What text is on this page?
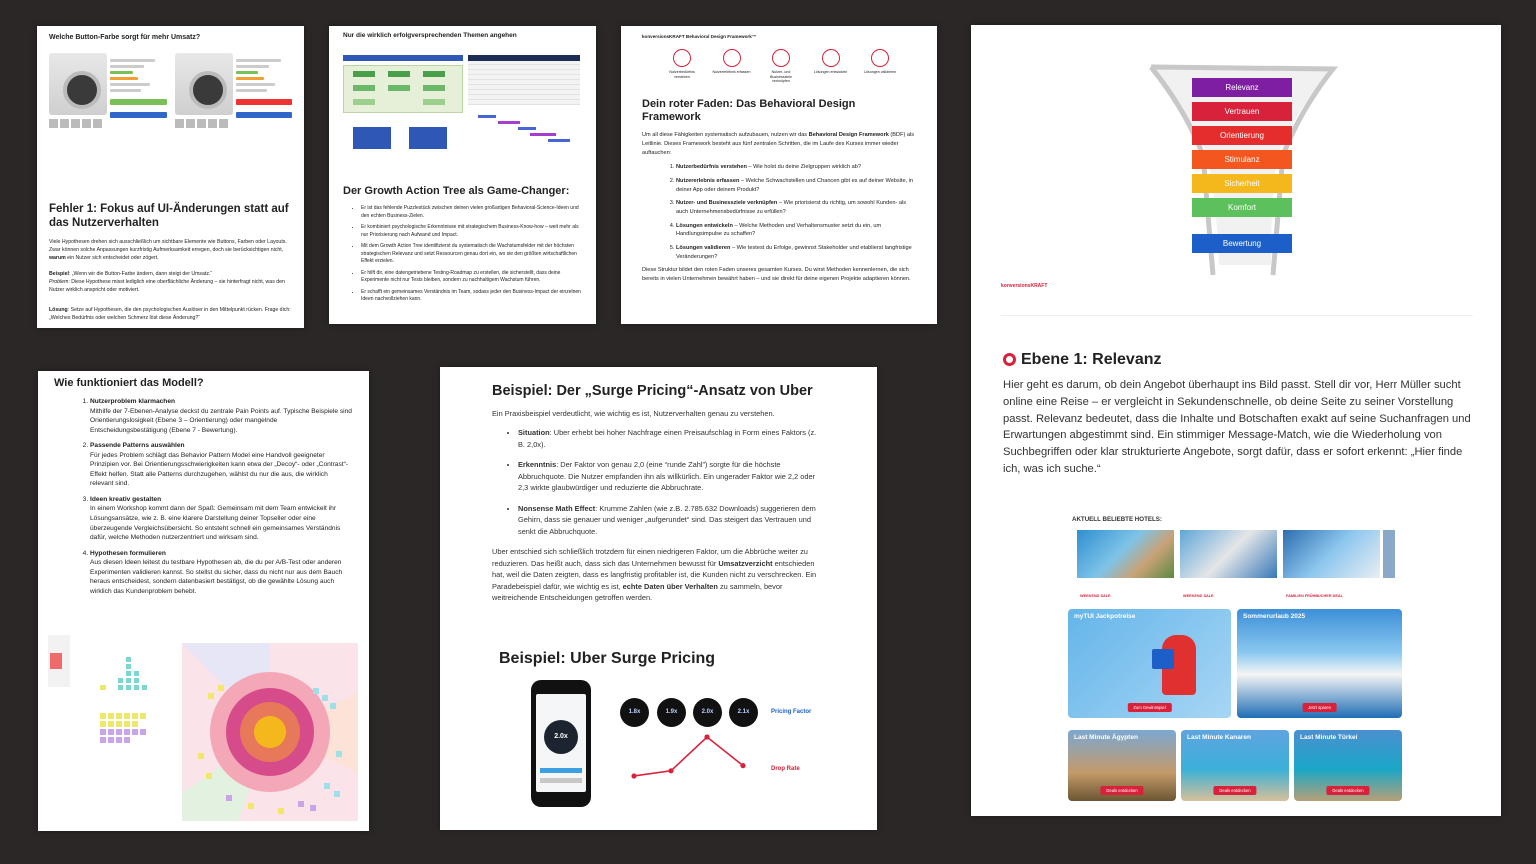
Welche Button-Farbe sorgt für mehr Umsatz?
Fehler 1: Fokus auf UI-Änderungen statt auf das Nutzerverhalten

Viele Hypothesen drehen sich ausschließlich um sichtbare Elemente wie Buttons, Farben oder Layouts. Zwar können solche Anpassungen kurzfristig Aufmerksamkeit erregen, doch sie berücksichtigen nicht, warum ein Nutzer sich entscheidet oder zögert.

Beispiel: „Wenn wir die Button-Farbe ändern, dann steigt der Umsatz.“
Problem: Diese Hypothese misst lediglich eine oberflächliche Änderung – sie hinterfragt nicht, was den Nutzer wirklich anspricht oder motiviert.

Lösung: Setze auf Hypothesen, die den psychologischen Auslöser in den Mittelpunkt rücken. Frage dich: „Welches Bedürfnis oder welchen Schmerz löst diese Änderung?“

Nur die wirklich erfolgversprechenden Themen angehen
Der Growth Action Tree als Game-Changer:
• Er ist das fehlende Puzzlestück zwischen deinen vielen großartigen Behavioral-Science-Ideen und den echten Business-Zielen.
• Er kombiniert psychologische Erkenntnisse mit strategischem Business-Know-how – weit mehr als nur Priorisierung nach Aufwand und Impact.
• Mit dem Growth Action Tree identifizierst du systematisch die Wachstumsfelder mit der höchsten strategischen Relevanz und setzt Ressourcen genau dort ein, wo sie den größten wirtschaftlichen Effekt erzielen.
• Er hilft dir, eine datengetriebene Testing-Roadmap zu erstellen, die sicherstellt, dass deine Experimente nicht nur Tests bleiben, sondern zu nachhaltigem Wachstum führen.
• Er schafft ein gemeinsames Verständnis im Team, sodass jeder den Business-Impact der einzelnen Ideen nachvollziehen kann.
konversionsKRAFT Behavioral Design Framework™
Nutzerbedürfnis verstehen
Nutzererlebnis erfassen	Nutzer- und Businessziele verknüpfen
Lösungen entwickeln	Lösungen validieren
Dein roter Faden: Das Behavioral Design Framework

Um all diese Fähigkeiten systematisch aufzubauen, nutzen wir das Behavioral Design Framework (BDF) als Leitlinie. Dieses Framework besteht aus fünf zentralen Schritten, die im Laufe des Kurses immer wieder auftauchen:

1. Nutzerbedürfnis verstehen – Wie holst du deine Zielgruppen wirklich ab?
2. Nutzererlebnis erfassen – Welche Schwachstellen und Chancen gibt es auf deiner Website, in deiner App oder deinem Produkt?
3. Nutzer- und Businessziele verknüpfen – Wie priorisierst du richtig, um sowohl Kunden- als auch Unternehmensbedürfnisse zu erfüllen?
4. Lösungen entwickeln – Welche Methoden und Verhaltensmuster setzt du ein, um Handlungsimpulse zu schaffen?
5. Lösungen validieren – Wie testest du Erfolge, gewinnst Stakeholder und etablierst langfristige Veränderungen?

Diese Struktur bildet den roten Faden unseres gesamten Kurses. Du wirst Methoden kennenlernen, die sich bereits in vielen Unternehmen bewährt haben – und sie direkt für deine eigenen Projekte adaptieren können.

Relevanz
Vertrauen
Orientierung
Stimulanz
Sicherheit
Komfort
Bewertung
konversionsKRAFT
Ebene 1: Relevanz
Hier geht es darum, ob dein Angebot überhaupt ins Bild passt. Stell dir vor, Herr Müller sucht online eine Reise – er vergleicht in Sekundenschnelle, ob deine Seite zu seiner Vorstellung passt. Relevanz bedeutet, dass die Inhalte und Botschaften exakt auf seine Suchanfragen und Erwartungen abgestimmt sind. Ein stimmiger Message-Match, wie die Wiederholung von Suchbegriffen oder klar strukturierte Angebote, sorgt dafür, dass er sofort erkennt: „Hier finde ich, was ich suche.“
AKTUELL BELIEBTE HOTELS:
WEEKEND SALE	WEEKEND SALE	FAMILIEN FRÜHBUCHER DEAL
myTUI Jackpotreise
Zum Gewinnspiel
Sommerurlaub 2025
Jetzt sparen
Last Minute Ägypten
Deals entdecken
Last Minute Kanaren
Deals entdecken
Last Minute Türkei
Deals entdecken
Wie funktioniert das Modell?
1. Nutzerproblem klarmachen
Mithilfe der 7-Ebenen-Analyse deckst du zentrale Pain Points auf. Typische Beispiele sind Orientierungslosigkeit (Ebene 3 – Orientierung) oder mangelnde Entscheidungsbestätigung (Ebene 7 - Bewertung).
2. Passende Patterns auswählen
Für jedes Problem schlägt das Behavior Pattern Model eine Handvoll geeigneter Prinzipien vor. Bei Orientierungsschwierigkeiten kann etwa der „Decoy“- oder „Contrast“-Effekt helfen. Statt alle Patterns durchzugehen, wählst du nur die aus, die wirklich relevant sind.
3. Ideen kreativ gestalten
In einem Workshop kommt dann der Spaß: Gemeinsam mit dem Team entwickelt ihr Lösungsansätze, wie z. B. eine klarere Darstellung deiner Topseller oder eine überzeugende Vergleichsübersicht. So entsteht schnell ein gemeinsames Verständnis dafür, welche Methoden nutzerzentriert und wirksam sind.
4. Hypothesen formulieren
Aus diesen Ideen leitest du testbare Hypothesen ab, die du per A/B-Test oder anderen Experimenten validieren kannst. So stellst du sicher, dass du nicht nur aus dem Bauch heraus entscheidest, sondern datenbasiert bestätigst, ob die gewählte Lösung auch wirklich das Kundenproblem behebt.
Beispiel: Der „Surge Pricing“-Ansatz von Uber

Ein Praxisbeispiel verdeutlicht, wie wichtig es ist, Nutzerverhalten genau zu verstehen.

• Situation: Uber erhebt bei hoher Nachfrage einen Preisaufschlag in Form eines Faktors (z. B. 2,0x).
• Erkenntnis: Der Faktor von genau 2,0 (eine “runde Zahl”) sorgte für die höchste Abbruchquote. Die Nutzer empfanden ihn als willkürlich. Ein ungerader Faktor wie 2,2 oder 2,3 wirkte glaubwürdiger und reduzierte die Abbruchrate.
• Nonsense Math Effect: Krumme Zahlen (wie z.B. 2.785.632 Downloads) suggerieren dem Gehirn, dass sie genauer und weniger „aufgerundet“ sind. Das steigert das Vertrauen und senkt die Abbruchquote.

Uber entschied sich schließlich trotzdem für einen niedrigeren Faktor, um die Abbrüche weiter zu reduzieren. Das heißt auch, dass sich das Unternehmen bewusst für Umsatzverzicht entschieden hat, weil die Daten zeigten, dass es langfristig profitabler ist, die Kunden nicht zu verschrecken. Ein Paradebeispiel dafür, wie wichtig es ist, echte Daten über Verhalten zu sammeln, bevor weitreichende Entscheidungen getroffen werden.

Beispiel: Uber Surge Pricing
2.0x
1.8x	1.9x	2.0x	2.1x	Pricing Factor
Drop Rate
